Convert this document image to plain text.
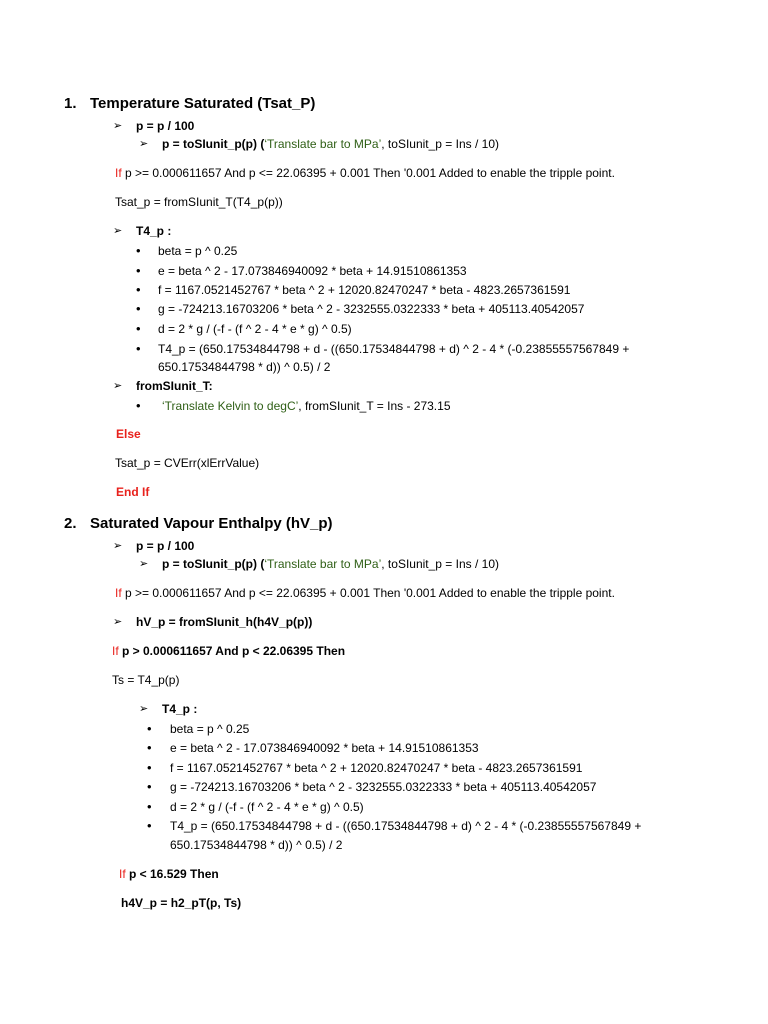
1. Temperature Saturated (Tsat_P)
➢ p = p / 100
➢ p = toSIunit_p(p) (‘Translate bar to MPa’, toSIunit_p = Ins / 10)
If p >= 0.000611657 And p <= 22.06395 + 0.001 Then '0.001 Added to enable the tripple point.
Tsat_p = fromSIunit_T(T4_p(p))
➢ T4_p :
• beta = p ^ 0.25
• e = beta ^ 2 - 17.073846940092 * beta + 14.91510861353
• f = 1167.0521452767 * beta ^ 2 + 12020.82470247 * beta - 4823.2657361591
• g = -724213.16703206 * beta ^ 2 - 3232555.0322333 * beta + 405113.40542057
• d = 2 * g / (-f - (f ^ 2 - 4 * e * g) ^ 0.5)
• T4_p = (650.17534844798 + d - ((650.17534844798 + d) ^ 2 - 4 * (-0.23855557567849 +
650.17534844798 * d)) ^ 0.5) / 2
➢ fromSIunit_T:
• ‘Translate Kelvin to degC’, fromSIunit_T = Ins - 273.15
Else
Tsat_p = CVErr(xlErrValue)
End If
2. Saturated Vapour Enthalpy (hV_p)
➢ p = p / 100
➢ p = toSIunit_p(p) (‘Translate bar to MPa’, toSIunit_p = Ins / 10)
If p >= 0.000611657 And p <= 22.06395 + 0.001 Then '0.001 Added to enable the tripple point.
➢ hV_p = fromSIunit_h(h4V_p(p))
If p > 0.000611657 And p < 22.06395 Then
Ts = T4_p(p)
➢ T4_p :
• beta = p ^ 0.25
• e = beta ^ 2 - 17.073846940092 * beta + 14.91510861353
• f = 1167.0521452767 * beta ^ 2 + 12020.82470247 * beta - 4823.2657361591
• g = -724213.16703206 * beta ^ 2 - 3232555.0322333 * beta + 405113.40542057
• d = 2 * g / (-f - (f ^ 2 - 4 * e * g) ^ 0.5)
• T4_p = (650.17534844798 + d - ((650.17534844798 + d) ^ 2 - 4 * (-0.23855557567849 +
650.17534844798 * d)) ^ 0.5) / 2
If p < 16.529 Then
h4V_p = h2_pT(p, Ts)
